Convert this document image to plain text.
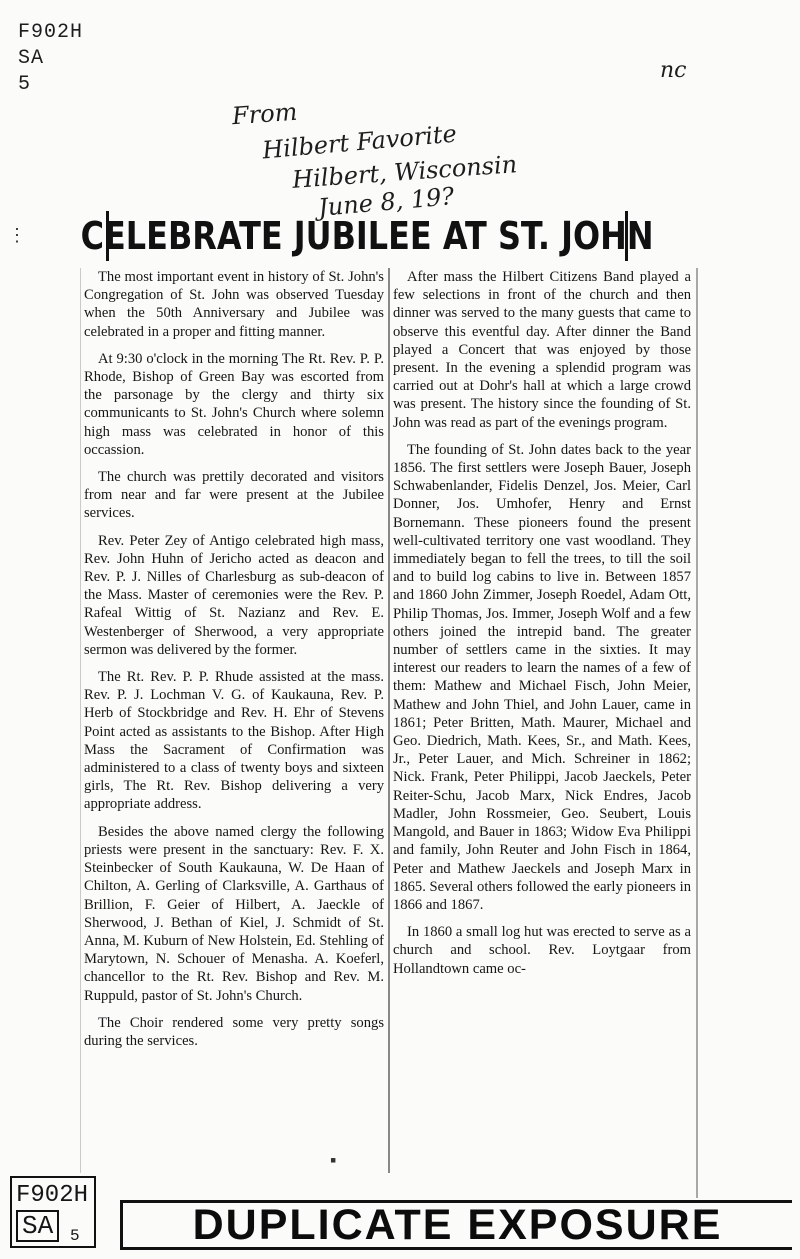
F902H
SA
5
nc
From
Hilbert Favorite
Hilbert, Wisconsin
June 8, 19?
CELEBRATE JUBILEE AT ST. JOHN

The most important event in history of St. John's Congregation of St. John was observed Tuesday when the 50th Anniversary and Jubilee was celebrated in a proper and fitting manner.

At 9:30 o'clock in the morning The Rt. Rev. P. P. Rhode, Bishop of Green Bay was escorted from the parsonage by the clergy and thirty six communicants to St. John's Church where solemn high mass was celebrated in honor of this occassion.

The church was prettily decorated and visitors from near and far were present at the Jubilee services.

Rev. Peter Zey of Antigo celebrated high mass, Rev. John Huhn of Jericho acted as deacon and Rev. P. J. Nilles of Charlesburg as sub-deacon of the Mass. Master of ceremonies were the Rev. P. Rafeal Wittig of St. Nazianz and Rev. E. Westenberger of Sherwood, a very appropriate sermon was delivered by the former.

The Rt. Rev. P. P. Rhude assisted at the mass. Rev. P. J. Lochman V. G. of Kaukauna, Rev. P. Herb of Stockbridge and Rev. H. Ehr of Stevens Point acted as assistants to the Bishop. After High Mass the Sacrament of Confirmation was administered to a class of twenty boys and sixteen girls, The Rt. Rev. Bishop delivering a very appropriate address.

Besides the above named clergy the following priests were present in the sanctuary: Rev. F. X. Steinbecker of South Kaukauna, W. De Haan of Chilton, A. Gerling of Clarksville, A. Garthaus of Brillion, F. Geier of Hilbert, A. Jaeckle of Sherwood, J. Bethan of Kiel, J. Schmidt of St. Anna, M. Kuburn of New Holstein, Ed. Stehling of Marytown, N. Schouer of Menasha. A. Koeferl, chancellor to the Rt. Rev. Bishop and Rev. M. Ruppuld, pastor of St. John's Church.

The Choir rendered some very pretty songs during the services.

After mass the Hilbert Citizens Band played a few selections in front of the church and then dinner was served to the many guests that came to observe this eventful day. After dinner the Band played a Concert that was enjoyed by those present. In the evening a splendid program was carried out at Dohr's hall at which a large crowd was present. The history since the founding of St. John was read as part of the evenings program.

The founding of St. John dates back to the year 1856. The first settlers were Joseph Bauer, Joseph Schwabenlander, Fidelis Denzel, Jos. Meier, Carl Donner, Jos. Umhofer, Henry and Ernst Bornemann. These pioneers found the present well-cultivated territory one vast woodland. They immediately began to fell the trees, to till the soil and to build log cabins to live in. Between 1857 and 1860 John Zimmer, Joseph Roedel, Adam Ott, Philip Thomas, Jos. Immer, Joseph Wolf and a few others joined the intrepid band. The greater number of settlers came in the sixties. It may interest our readers to learn the names of a few of them: Mathew and Michael Fisch, John Meier, Mathew and John Thiel, and John Lauer, came in 1861; Peter Britten, Math. Maurer, Michael and Geo. Diedrich, Math. Kees, Sr., and Math. Kees, Jr., Peter Lauer, and Mich. Schreiner in 1862; Nick. Frank, Peter Philippi, Jacob Jaeckels, Peter Reiter-Schu, Jacob Marx, Nick Endres, Jacob Madler, John Rossmeier, Geo. Seubert, Louis Mangold, and Bauer in 1863; Widow Eva Philippi and family, John Reuter and John Fisch in 1864, Peter and Mathew Jaeckels and Joseph Marx in 1865. Several others followed the early pioneers in 1866 and 1867.

In 1860 a small log hut was erected to serve as a church and school. Rev. Loytgaar from Hollandtown came oc-

▪
⋮
F902H
SA 5	DUPLICATE EXPOSURE
